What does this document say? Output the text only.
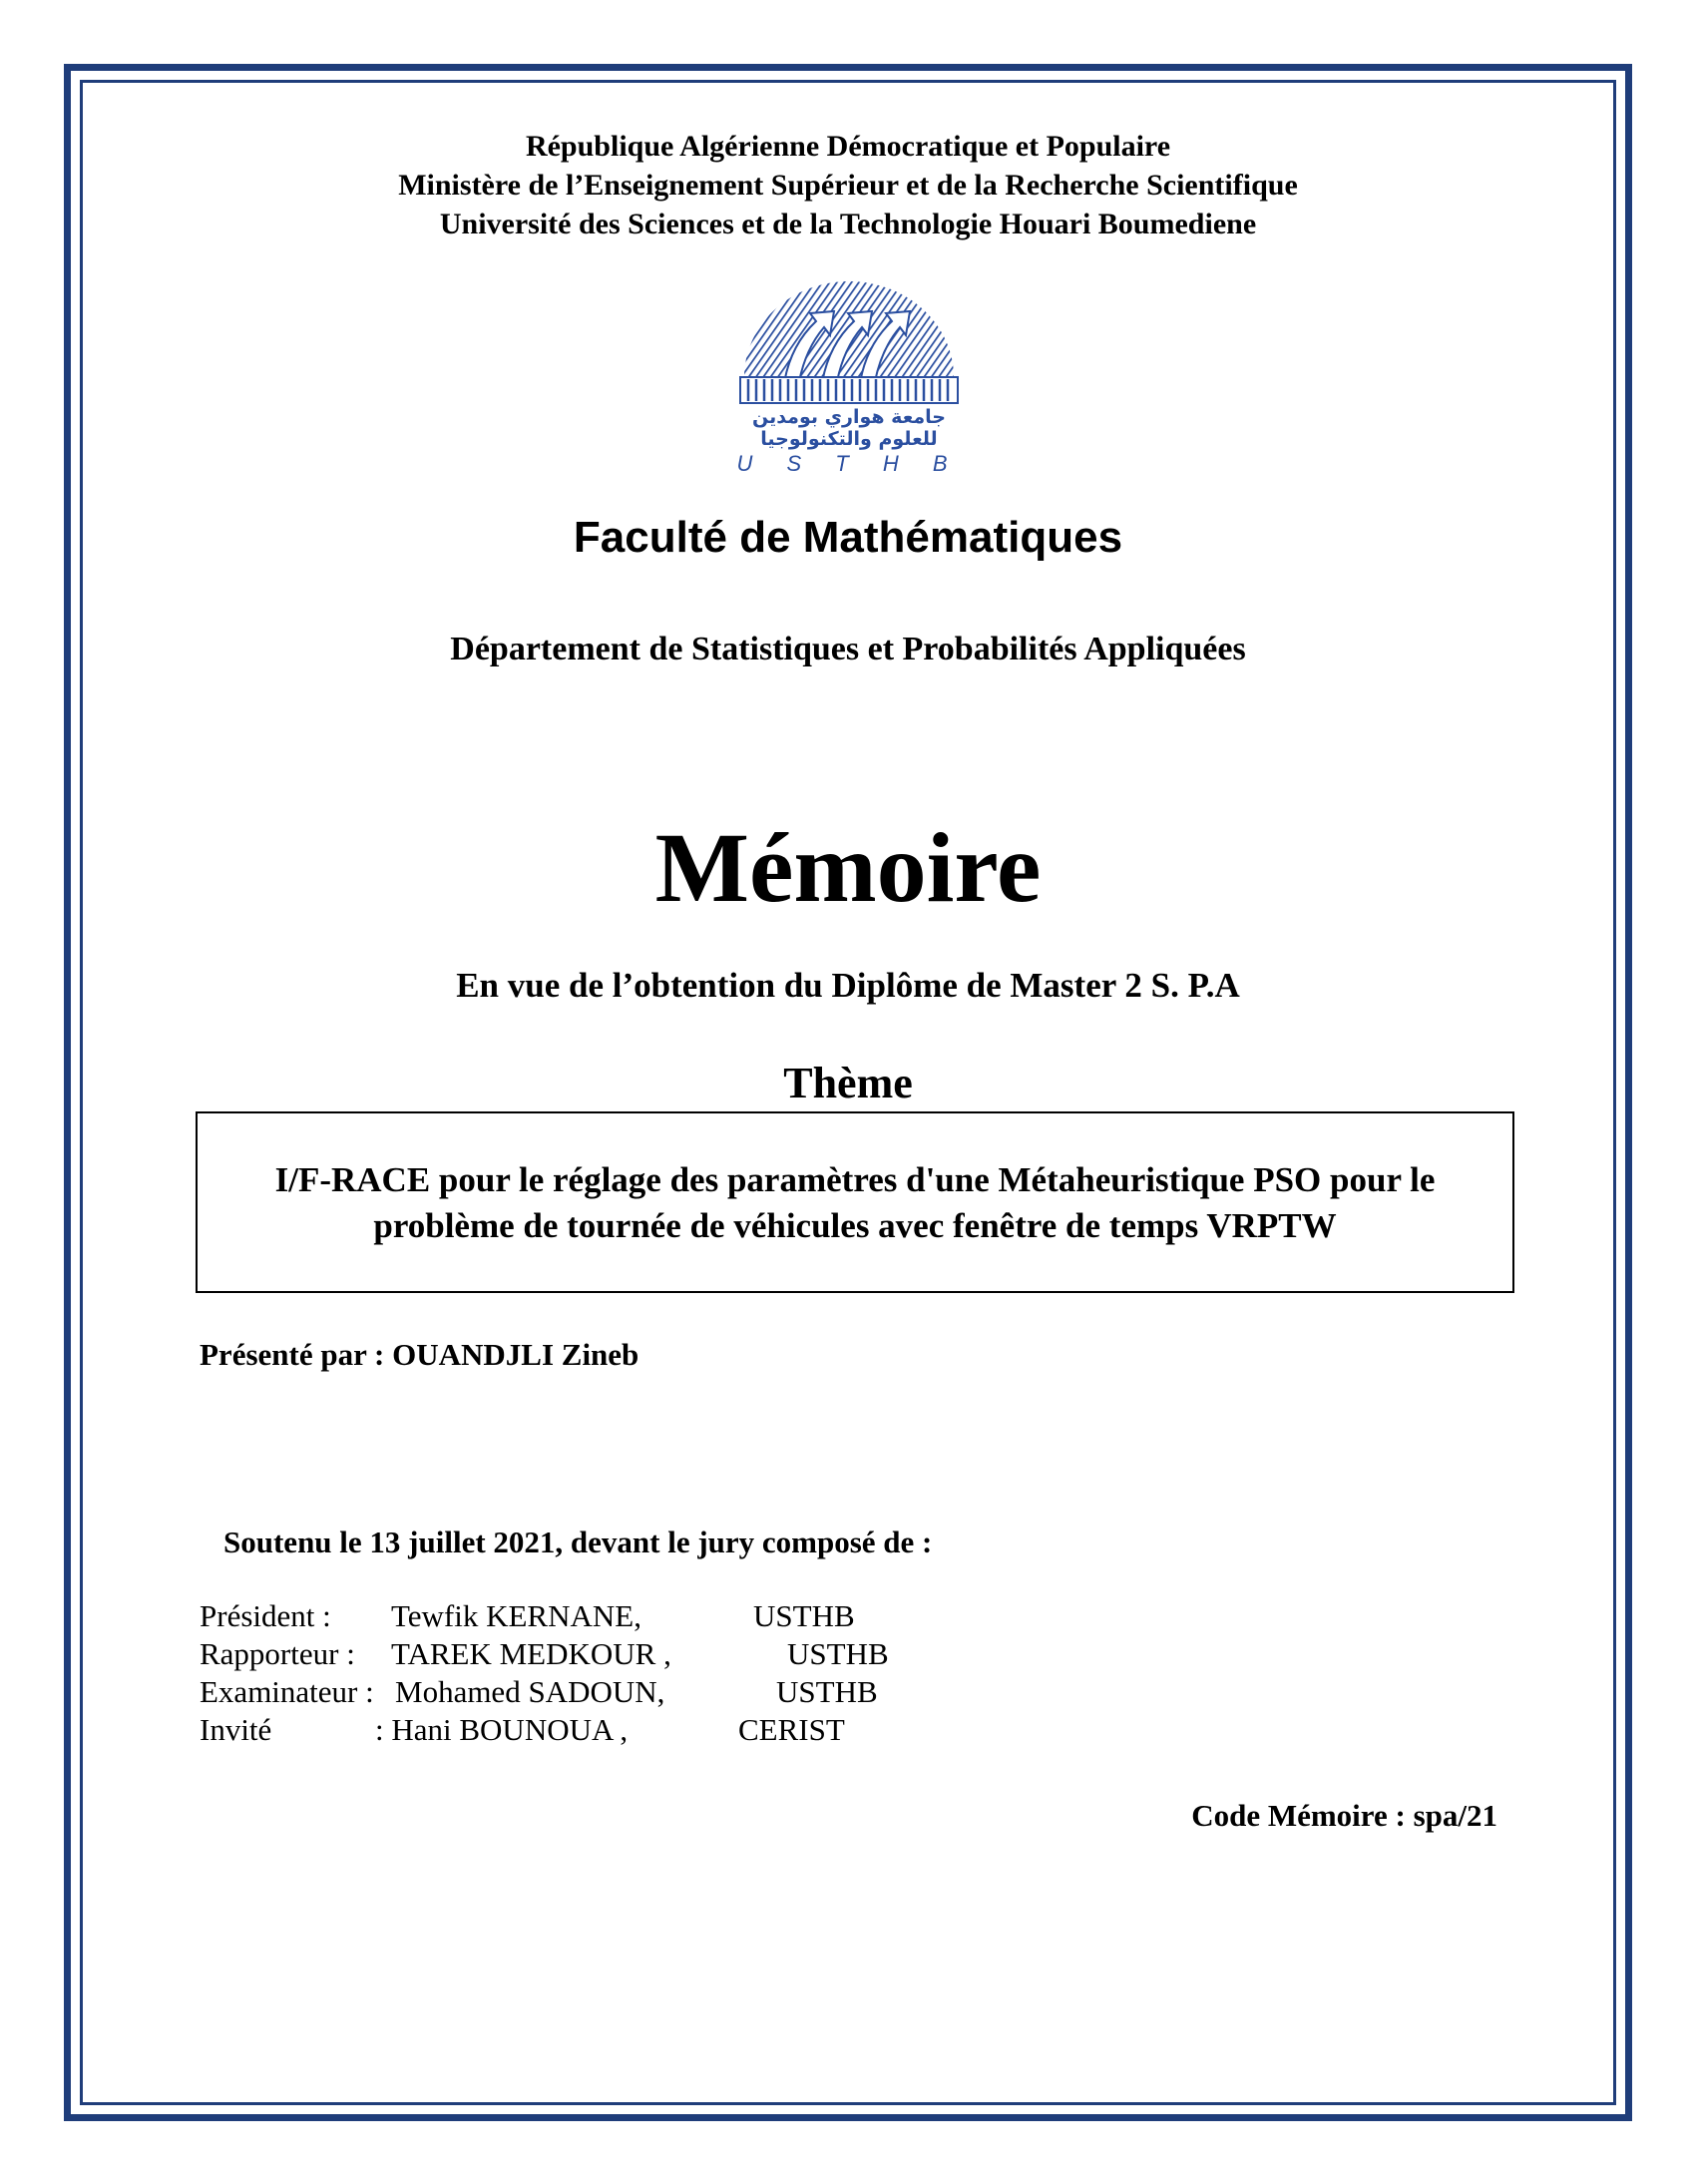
République Algérienne Démocratique et Populaire
Ministère de l’Enseignement Supérieur et de la Recherche Scientifique
Université des Sciences et de la Technologie Houari Boumediene
جامعة هواري بومدين
للعلوم والتكنولوجيا
U S T H B
Faculté de Mathématiques
Département de Statistiques et Probabilités Appliquées
Mémoire
En vue de l’obtention du Diplôme de Master 2 S. P.A
Thème
I/F-RACE pour le réglage des paramètres d'une Métaheuristique PSO pour le
problème de tournée de véhicules avec fenêtre de temps VRPTW
Présenté par : OUANDJLI Zineb
Soutenu le 13 juillet 2021, devant le jury composé de :
Président : Tewfik KERNANE,	USTHB
Rapporteur : TAREK MEDKOUR ,	USTHB
Examinateur : Mohamed SADOUN,	USTHB
Invité	: Hani BOUNOUA ,	CERIST
Code Mémoire : spa/21
